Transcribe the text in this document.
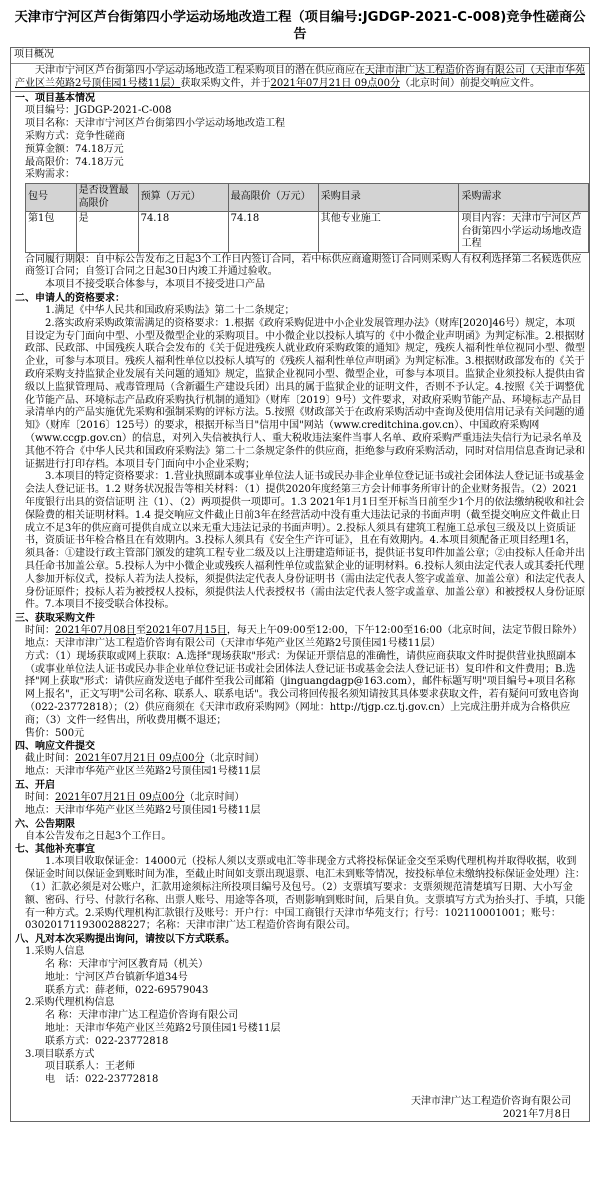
天津市宁河区芦台街第四小学运动场地改造工程（项目编号:JGDGP-2021-C-008)竞争性磋商公告
项目概况
天津市宁河区芦台街第四小学运动场地改造工程采购项目的潜在供应商应在天津市津广达工程造价咨询有限公司（天津市华苑产业区兰苑路2号顶佳园1号楼11层）获取采购文件，并于2021年07月21日 09点00分（北京时间）前提交响应文件。
一、项目基本情况
项目编号：JGDGP-2021-C-008
项目名称：天津市宁河区芦台街第四小学运动场地改造工程
采购方式：竞争性磋商
预算金额：74.18万元
最高限价：74.18万元
采购需求：
包号	是否设置最高限价	预算（万元）	最高限价（万元）	采购目录	采购需求
第1包	是	74.18	74.18	其他专业施工	项目内容：天津市宁河区芦台街第四小学运动场地改造工程
合同履行期限：自中标公告发布之日起3个工作日内签订合同，若中标供应商逾期签订合同则采购人有权利选择第二名候选供应商签订合同；自签订合同之日起30日内竣工并通过验收。
本项目不接受联合体参与，本项目不接受进口产品
二、申请人的资格要求：
1.满足《中华人民共和国政府采购法》第二十二条规定；
2.落实政府采购政策需满足的资格要求：1.根据《政府采购促进中小企业发展管理办法》（财库[2020]46号）规定，本项目设定为专门面向中型、小型及微型企业的采购项目。中小微企业以投标人填写的《中小微企业声明函》为判定标准。2.根据财政部、民政部、中国残疾人联合会发布的《关于促进残疾人就业政府采购政策的通知》规定，残疾人福利性单位视同小型、微型企业，可参与本项目。残疾人福利性单位以投标人填写的《残疾人福利性单位声明函》为判定标准。3.根据财政部发布的《关于政府采购支持监狱企业发展有关问题的通知》规定，监狱企业视同小型、微型企业，可参与本项目。监狱企业须投标人提供由省级以上监狱管理局、戒毒管理局（含新疆生产建设兵团）出具的属于监狱企业的证明文件，否则不予认定。4.按照《关于调整优化节能产品、环境标志产品政府采购执行机制的通知》（财库〔2019〕9号）文件要求，对政府采购节能产品、环境标志产品目录清单内的产品实施优先采购和强制采购的评标方法。5.按照《财政部关于在政府采购活动中查询及使用信用记录有关问题的通知》（财库〔2016〕125号）的要求，根据开标当日"信用中国"网站（www.creditchina.gov.cn）、中国政府采购网（www.ccgp.gov.cn）的信息，对列入失信被执行人、重大税收违法案件当事人名单、政府采购严重违法失信行为记录名单及其他不符合《中华人民共和国政府采购法》第二十二条规定条件的供应商，拒绝参与政府采购活动，同时对信用信息查询记录和证据进行打印存档。本项目专门面向中小企业采购；
3.本项目的特定资格要求：1.营业执照副本或事业单位法人证书或民办非企业单位登记证书或社会团体法人登记证书或基金会法人登记证书。1.2 财务状况报告等相关材料：（1）提供2020年度经第三方会计师事务所审计的企业财务报告。（2）2021年度银行出具的资信证明 注（1）、（2）两项提供一项即可。1.3 2021年1月1日至开标当日前至少1个月的依法缴纳税收和社会保险费的相关证明材料。1.4 提交响应文件截止日前3年在经营活动中没有重大违法记录的书面声明（截至提交响应文件截止日成立不足3年的供应商可提供自成立以来无重大违法记录的书面声明）。2.投标人须具有建筑工程施工总承包三级及以上资质证书，资质证书年检合格且在有效期内。3.投标人须具有《安全生产许可证》，且在有效期内。4.本项目须配备正项目经理1名，须具备：①建设行政主管部门颁发的建筑工程专业二级及以上注册建造师证书，提供证书复印件加盖公章；②由投标人任命并出具任命书加盖公章。5.投标人为中小微企业或残疾人福利性单位或监狱企业的证明材料。6.投标人须由法定代表人或其委托代理人参加开标仪式，投标人若为法人投标，须提供法定代表人身份证明书（需由法定代表人签字或盖章、加盖公章）和法定代表人身份证原件；投标人若为被授权人投标，须提供法人代表授权书（需由法定代表人签字或盖章、加盖公章）和被授权人身份证原件。7.本项目不接受联合体投标。
三、获取采购文件
时间：2021年07月08日至2021年07月15日，每天上午09:00至12:00，下午12:00至16:00（北京时间，法定节假日除外）
地点：天津市津广达工程造价咨询有限公司（天津市华苑产业区兰苑路2号顶佳园1号楼11层）
方式：（1）现场获取或网上获取：A.选择"现场获取"形式：为保证开票信息的准确性，请供应商获取文件时提供营业执照副本（或事业单位法人证书或民办非企业单位登记证书或社会团体法人登记证书或基金会法人登记证书）复印件和文件费用；B.选择"网上获取"形式：请供应商发送电子邮件至我公司邮箱（jinguangdagp@163.com），邮件标题写明"项目编号+项目名称 网上报名"，正文写明"公司名称、联系人、联系电话"。我公司将回传报名须知请按其具体要求获取文件，若有疑问可致电咨询（022-23772818）；（2）供应商须在《天津市政府采购网》（网址：http://tjgp.cz.tj.gov.cn）上完成注册并成为合格供应商；（3）文件一经售出，所收费用概不退还；
售价：500元
四、响应文件提交
截止时间：2021年07月21日 09点00分（北京时间）
地点：天津市华苑产业区兰苑路2号顶佳园1号楼11层
五、开启
时间：2021年07月21日 09点00分（北京时间）
地点：天津市华苑产业区兰苑路2号顶佳园1号楼11层
六、公告期限
自本公告发布之日起3个工作日。
七、其他补充事宜
1.本项目收取保证金：14000元（投标人须以支票或电汇等非现金方式将投标保证金交至采购代理机构并取得收据，收到保证金时间以保证金到账时间为准，至截止时间如支票出现退票、电汇未到账等情况，按投标单位未缴纳投标保证金处理）注：（1）汇款必须是对公账户，汇款用途须标注所投项目编号及包号。（2）支票填写要求：支票须规范清楚填写日期、大小写金额、密码、行号、付款行名称、出票人账号、用途等各项，否则影响到账时间，后果自负。支票填写方式为抬头打、手填，只能有一种方式。2.采购代理机构汇款银行及账号：开户行：中国工商银行天津市华苑支行；行号：102110001001；账号：0302017119300288227；名称：天津市津广达工程造价咨询有限公司。
八、凡对本次采购提出询问，请按以下方式联系。
1.采购人信息
名 称：天津市宁河区教育局（机关）
地址：宁河区芦台镇新华道34号
联系方式：薛老师，022-69579043
2.采购代理机构信息
名 称：天津市津广达工程造价咨询有限公司
地址：天津市华苑产业区兰苑路2号顶佳园1号楼11层
联系方式：022-23772818
3.项目联系方式
项目联系人：王老师
电　话：022-23772818
天津市津广达工程造价咨询有限公司
2021年7月8日
